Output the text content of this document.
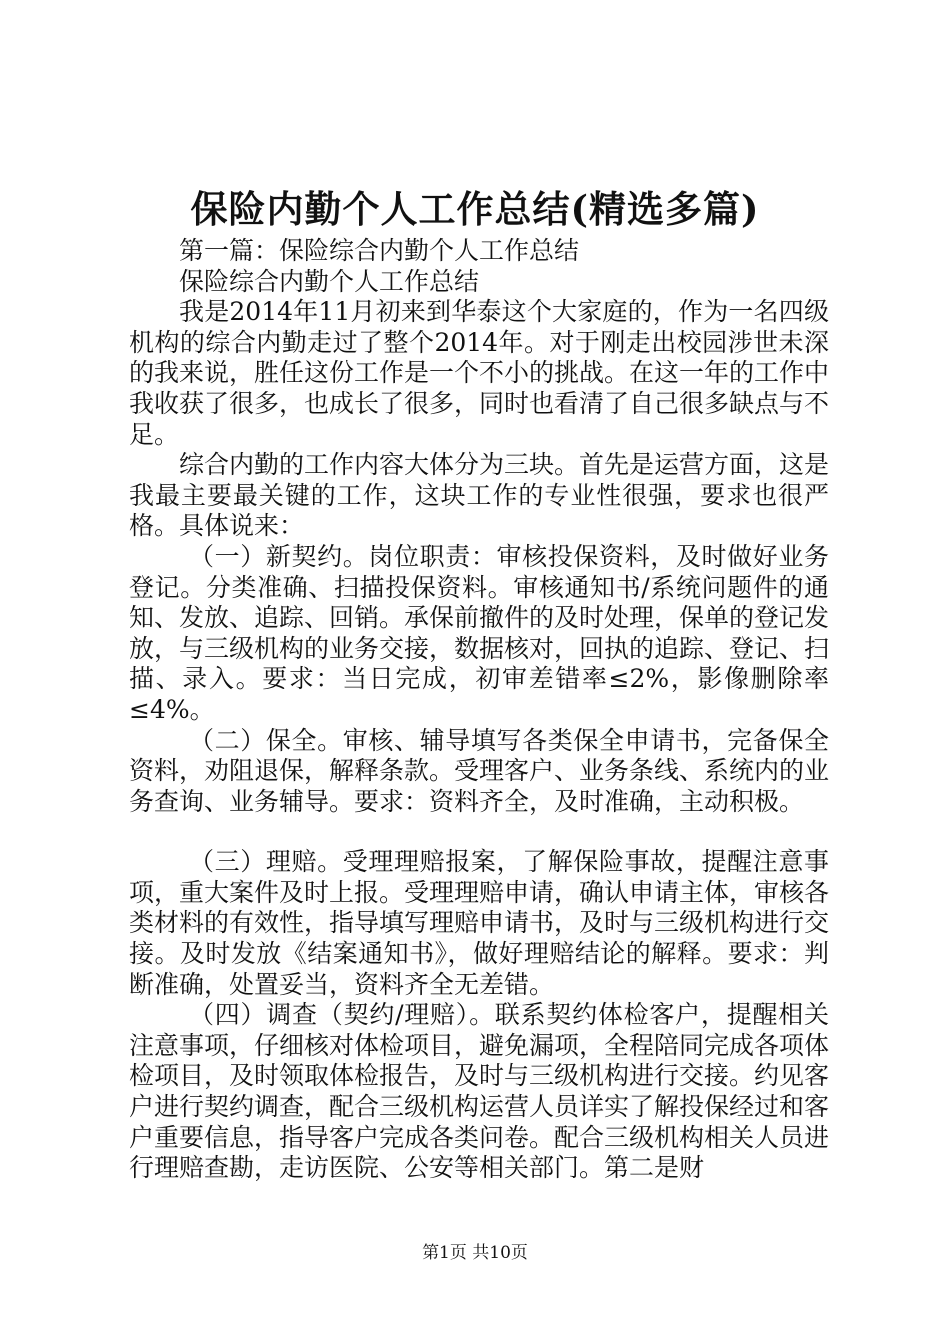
保险内勤个人工作总结(精选多篇)

第一篇：保险综合内勤个人工作总结

保险综合内勤个人工作总结

我是2014年11月初来到华泰这个大家庭的，作为一名四级机构的综合内勤走过了整个2014年。对于刚走出校园涉世未深的我来说，胜任这份工作是一个不小的挑战。在这一年的工作中我收获了很多，也成长了很多，同时也看清了自己很多缺点与不足。

综合内勤的工作内容大体分为三块。首先是运营方面，这是我最主要最关键的工作，这块工作的专业性很强，要求也很严格。具体说来：

（一）新契约。岗位职责：审核投保资料，及时做好业务登记。分类准确、扫描投保资料。审核通知书/系统问题件的通知、发放、追踪、回销。承保前撤件的及时处理，保单的登记发放，与三级机构的业务交接，数据核对，回执的追踪、登记、扫描、录入。要求：当日完成，初审差错率≤2%，影像删除率≤4%。

（二）保全。审核、辅导填写各类保全申请书，完备保全资料，劝阻退保，解释条款。受理客户、业务条线、系统内的业务查询、业务辅导。要求：资料齐全，及时准确，主动积极。

（三）理赔。受理理赔报案，了解保险事故，提醒注意事项，重大案件及时上报。受理理赔申请，确认申请主体，审核各类材料的有效性，指导填写理赔申请书，及时与三级机构进行交接。及时发放《结案通知书》，做好理赔结论的解释。要求：判断准确，处置妥当，资料齐全无差错。

（四）调查（契约/理赔）。联系契约体检客户，提醒相关注意事项，仔细核对体检项目，避免漏项，全程陪同完成各项体检项目，及时领取体检报告，及时与三级机构进行交接。约见客户进行契约调查，配合三级机构运营人员详实了解投保经过和客户重要信息，指导客户完成各类问卷。配合三级机构相关人员进行理赔查勘，走访医院、公安等相关部门。第二是财

第1页 共10页
